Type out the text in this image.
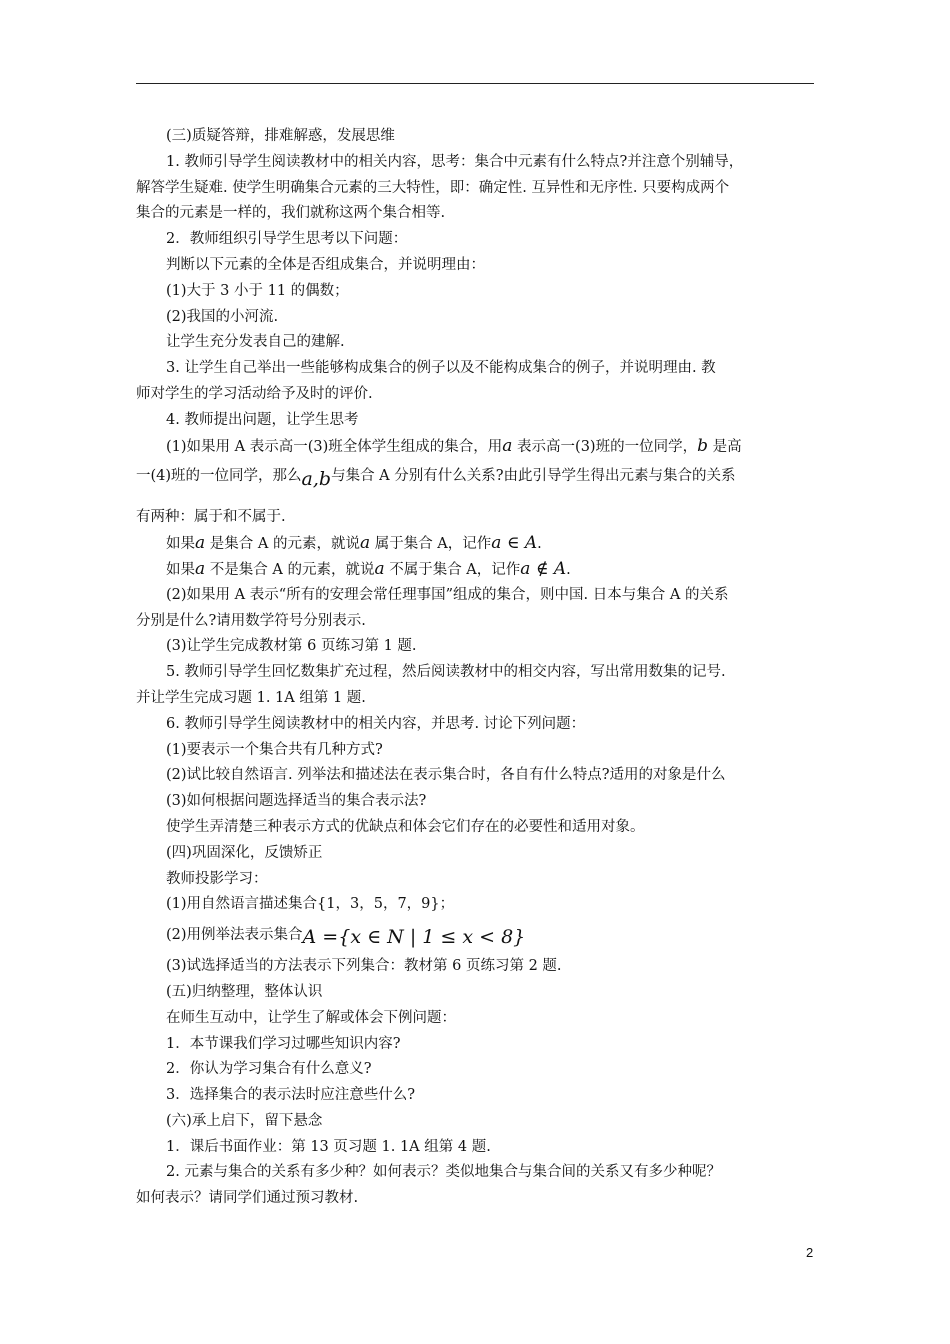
(三)质疑答辩，排难解惑，发展思维
1. 教师引导学生阅读教材中的相关内容，思考：集合中元素有什么特点?并注意个别辅导，
解答学生疑难. 使学生明确集合元素的三大特性，即：确定性. 互异性和无序性. 只要构成两个
集合的元素是一样的，我们就称这两个集合相等.
2．教师组织引导学生思考以下问题：
判断以下元素的全体是否组成集合，并说明理由：
(1)大于 3 小于 11 的偶数；
(2)我国的小河流.
让学生充分发表自己的建解.
3. 让学生自己举出一些能够构成集合的例子以及不能构成集合的例子，并说明理由. 教
师对学生的学习活动给予及时的评价.
4. 教师提出问题，让学生思考
(1)如果用 A 表示高一(3)班全体学生组成的集合，用a 表示高一(3)班的一位同学，b 是高
一(4)班的一位同学，那么a,b与集合 A 分别有什么关系?由此引导学生得出元素与集合的关系
有两种：属于和不属于.
如果a 是集合 A 的元素，就说a 属于集合 A，记作a ∈ A.
如果a 不是集合 A 的元素，就说a 不属于集合 A，记作a ∉ A.
(2)如果用 A 表示“所有的安理会常任理事国”组成的集合，则中国. 日本与集合 A 的关系
分别是什么?请用数学符号分别表示.
(3)让学生完成教材第 6 页练习第 1 题.
5. 教师引导学生回忆数集扩充过程，然后阅读教材中的相交内容，写出常用数集的记号.
并让学生完成习题 1. 1A 组第 1 题.
6. 教师引导学生阅读教材中的相关内容，并思考. 讨论下列问题：
(1)要表示一个集合共有几种方式?
(2)试比较自然语言. 列举法和描述法在表示集合时，各自有什么特点?适用的对象是什么
(3)如何根据问题选择适当的集合表示法?
使学生弄清楚三种表示方式的优缺点和体会它们存在的必要性和适用对象。
(四)巩固深化，反馈矫正
教师投影学习：
(1)用自然语言描述集合{1，3，5，7，9}；
(2)用例举法表示集合A ={x ∈ N | 1 ≤ x < 8}
(3)试选择适当的方法表示下列集合：教材第 6 页练习第 2 题.
(五)归纳整理，整体认识
在师生互动中，让学生了解或体会下例问题：
1．本节课我们学习过哪些知识内容?
2．你认为学习集合有什么意义?
3．选择集合的表示法时应注意些什么?
(六)承上启下，留下悬念
1．课后书面作业：第 13 页习题 1. 1A 组第 4 题.
2. 元素与集合的关系有多少种？如何表示？类似地集合与集合间的关系又有多少种呢？
如何表示？请同学们通过预习教材.
2
